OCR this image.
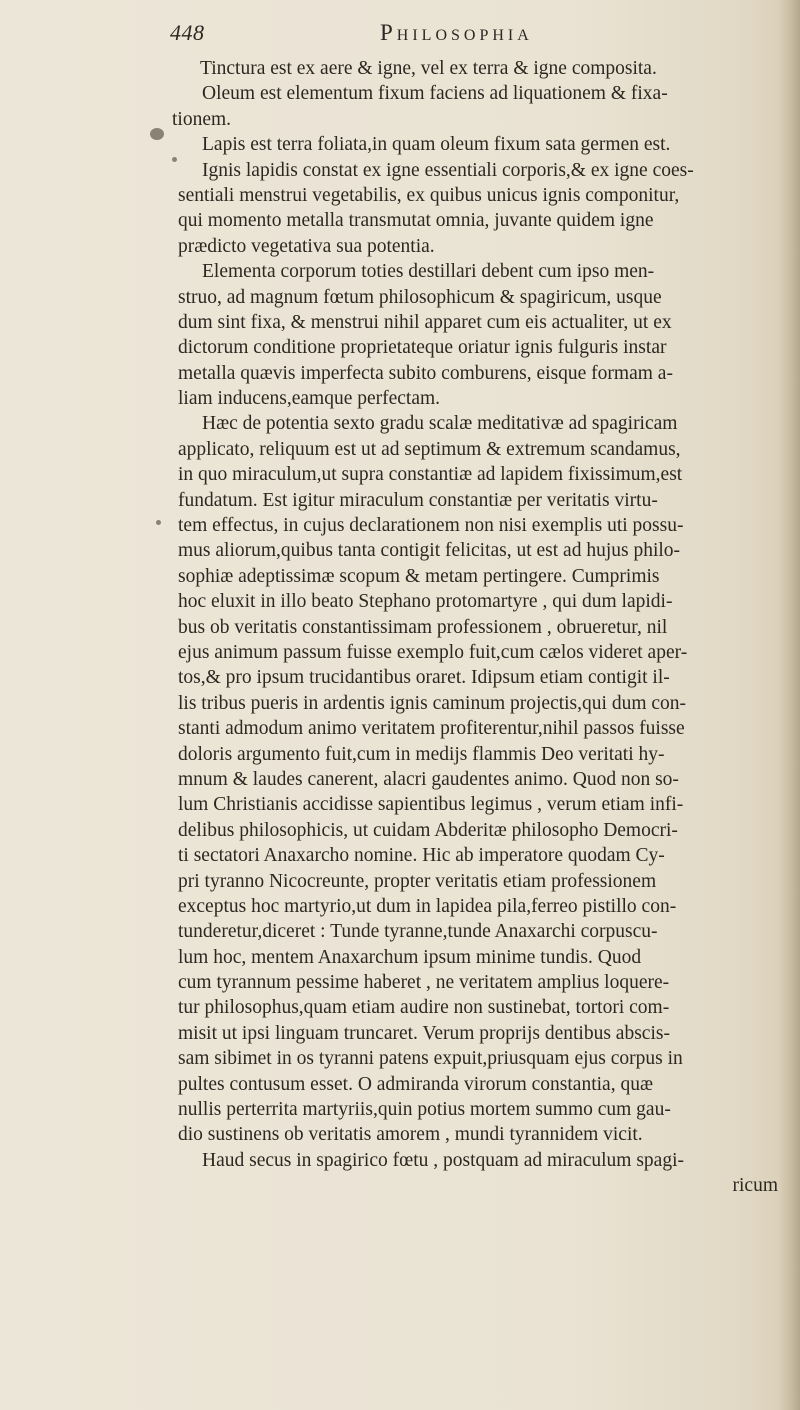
448	Philosophia
Tinctura est ex aere & igne, vel ex terra & igne composita.
Oleum est elementum fixum faciens ad liquationem & fixa-
tionem.
Lapis est terra foliata,in quam oleum fixum sata germen est.
Ignis lapidis constat ex igne essentiali corporis,& ex igne coes-
sentiali menstrui vegetabilis, ex quibus unicus ignis componitur,
qui momento metalla transmutat omnia, juvante quidem igne
prædicto vegetativa sua potentia.
Elementa corporum toties destillari debent cum ipso men-
struo, ad magnum fœtum philosophicum & spagiricum, usque
dum sint fixa, & menstrui nihil apparet cum eis actualiter, ut ex
dictorum conditione proprietateque oriatur ignis fulguris instar
metalla quævis imperfecta subito comburens, eisque formam a-
liam inducens,eamque perfectam.
Hæc de potentia sexto gradu scalæ meditativæ ad spagiricam
applicato, reliquum est ut ad septimum & extremum scandamus,
in quo miraculum,ut supra constantiæ ad lapidem fixissimum,est
fundatum. Est igitur miraculum constantiæ per veritatis virtu-
tem effectus, in cujus declarationem non nisi exemplis uti possu-
mus aliorum,quibus tanta contigit felicitas, ut est ad hujus philo-
sophiæ adeptissimæ scopum & metam pertingere. Cumprimis
hoc eluxit in illo beato Stephano protomartyre , qui dum lapidi-
bus ob veritatis constantissimam professionem , obrueretur, nil
ejus animum passum fuisse exemplo fuit,cum cælos videret aper-
tos,& pro ipsum trucidantibus oraret. Idipsum etiam contigit il-
lis tribus pueris in ardentis ignis caminum projectis,qui dum con-
stanti admodum animo veritatem profiterentur,nihil passos fuisse
doloris argumento fuit,cum in medijs flammis Deo veritati hy-
mnum & laudes canerent, alacri gaudentes animo. Quod non so-
lum Christianis accidisse sapientibus legimus , verum etiam infi-
delibus philosophicis, ut cuidam Abderitæ philosopho Democri-
ti sectatori Anaxarcho nomine. Hic ab imperatore quodam Cy-
pri tyranno Nicocreunte, propter veritatis etiam professionem
exceptus hoc martyrio,ut dum in lapidea pila,ferreo pistillo con-
tunderetur,diceret : Tunde tyranne,tunde Anaxarchi corpuscu-
lum hoc, mentem Anaxarchum ipsum minime tundis. Quod
cum tyrannum pessime haberet , ne veritatem amplius loquere-
tur philosophus,quam etiam audire non sustinebat, tortori com-
misit ut ipsi linguam truncaret. Verum proprijs dentibus abscis-
sam sibimet in os tyranni patens expuit,priusquam ejus corpus in
pultes contusum esset. O admiranda virorum constantia, quæ
nullis perterrita martyriis,quin potius mortem summo cum gau-
dio sustinens ob veritatis amorem , mundi tyrannidem vicit.
Haud secus in spagirico fœtu , postquam ad miraculum spagi-
ricum
